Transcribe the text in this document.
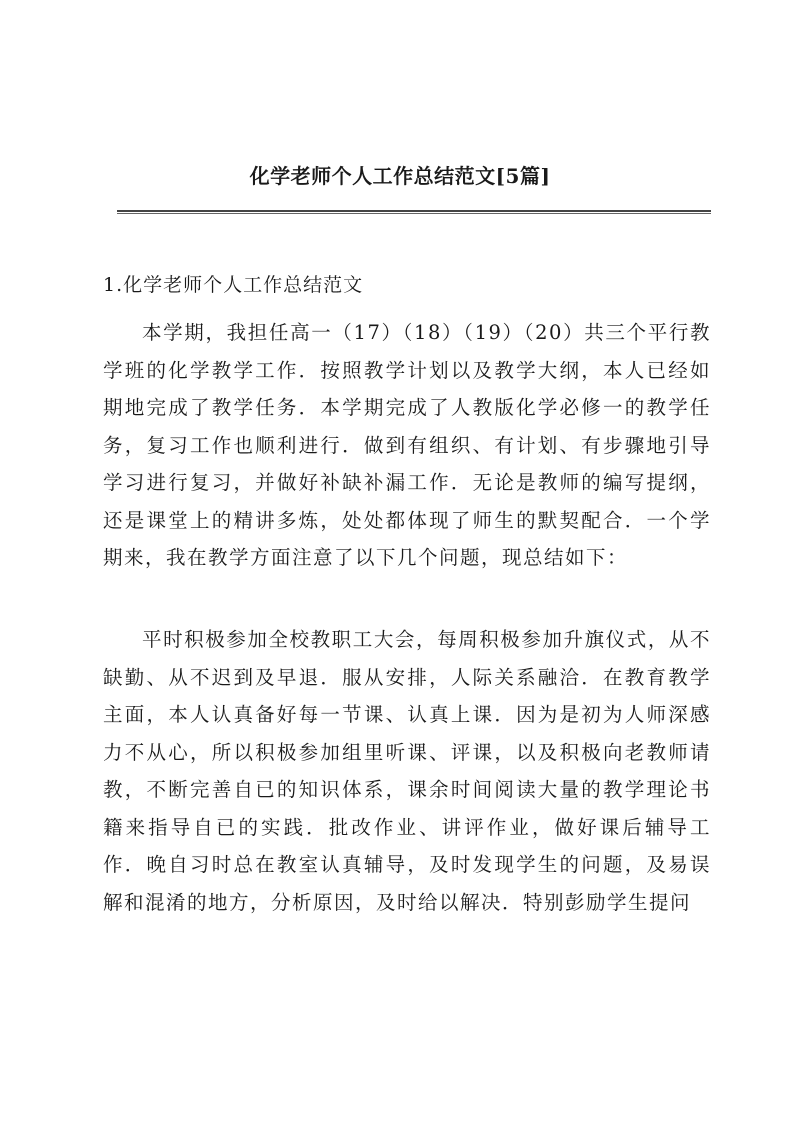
化学老师个人工作总结范文[5篇]
1.化学老师个人工作总结范文

本学期，我担任高一（17）（18）（19）（20）共三个平行教学班的化学教学工作．按照教学计划以及教学大纲，本人已经如期地完成了教学任务．本学期完成了人教版化学必修一的教学任务，复习工作也顺利进行．做到有组织、有计划、有步骤地引导学习进行复习，并做好补缺补漏工作．无论是教师的编写提纲，还是课堂上的精讲多炼，处处都体现了师生的默契配合．一个学期来，我在教学方面注意了以下几个问题，现总结如下：

平时积极参加全校教职工大会，每周积极参加升旗仪式，从不缺勤、从不迟到及早退．服从安排，人际关系融洽．在教育教学主面，本人认真备好每一节课、认真上课．因为是初为人师深感力不从心，所以积极参加组里听课、评课，以及积极向老教师请教，不断完善自已的知识体系，课余时间阅读大量的教学理论书籍来指导自已的实践．批改作业、讲评作业，做好课后辅导工作．晚自习时总在教室认真辅导，及时发现学生的问题，及易误解和混淆的地方，分析原因，及时给以解决．特别彭励学生提问
